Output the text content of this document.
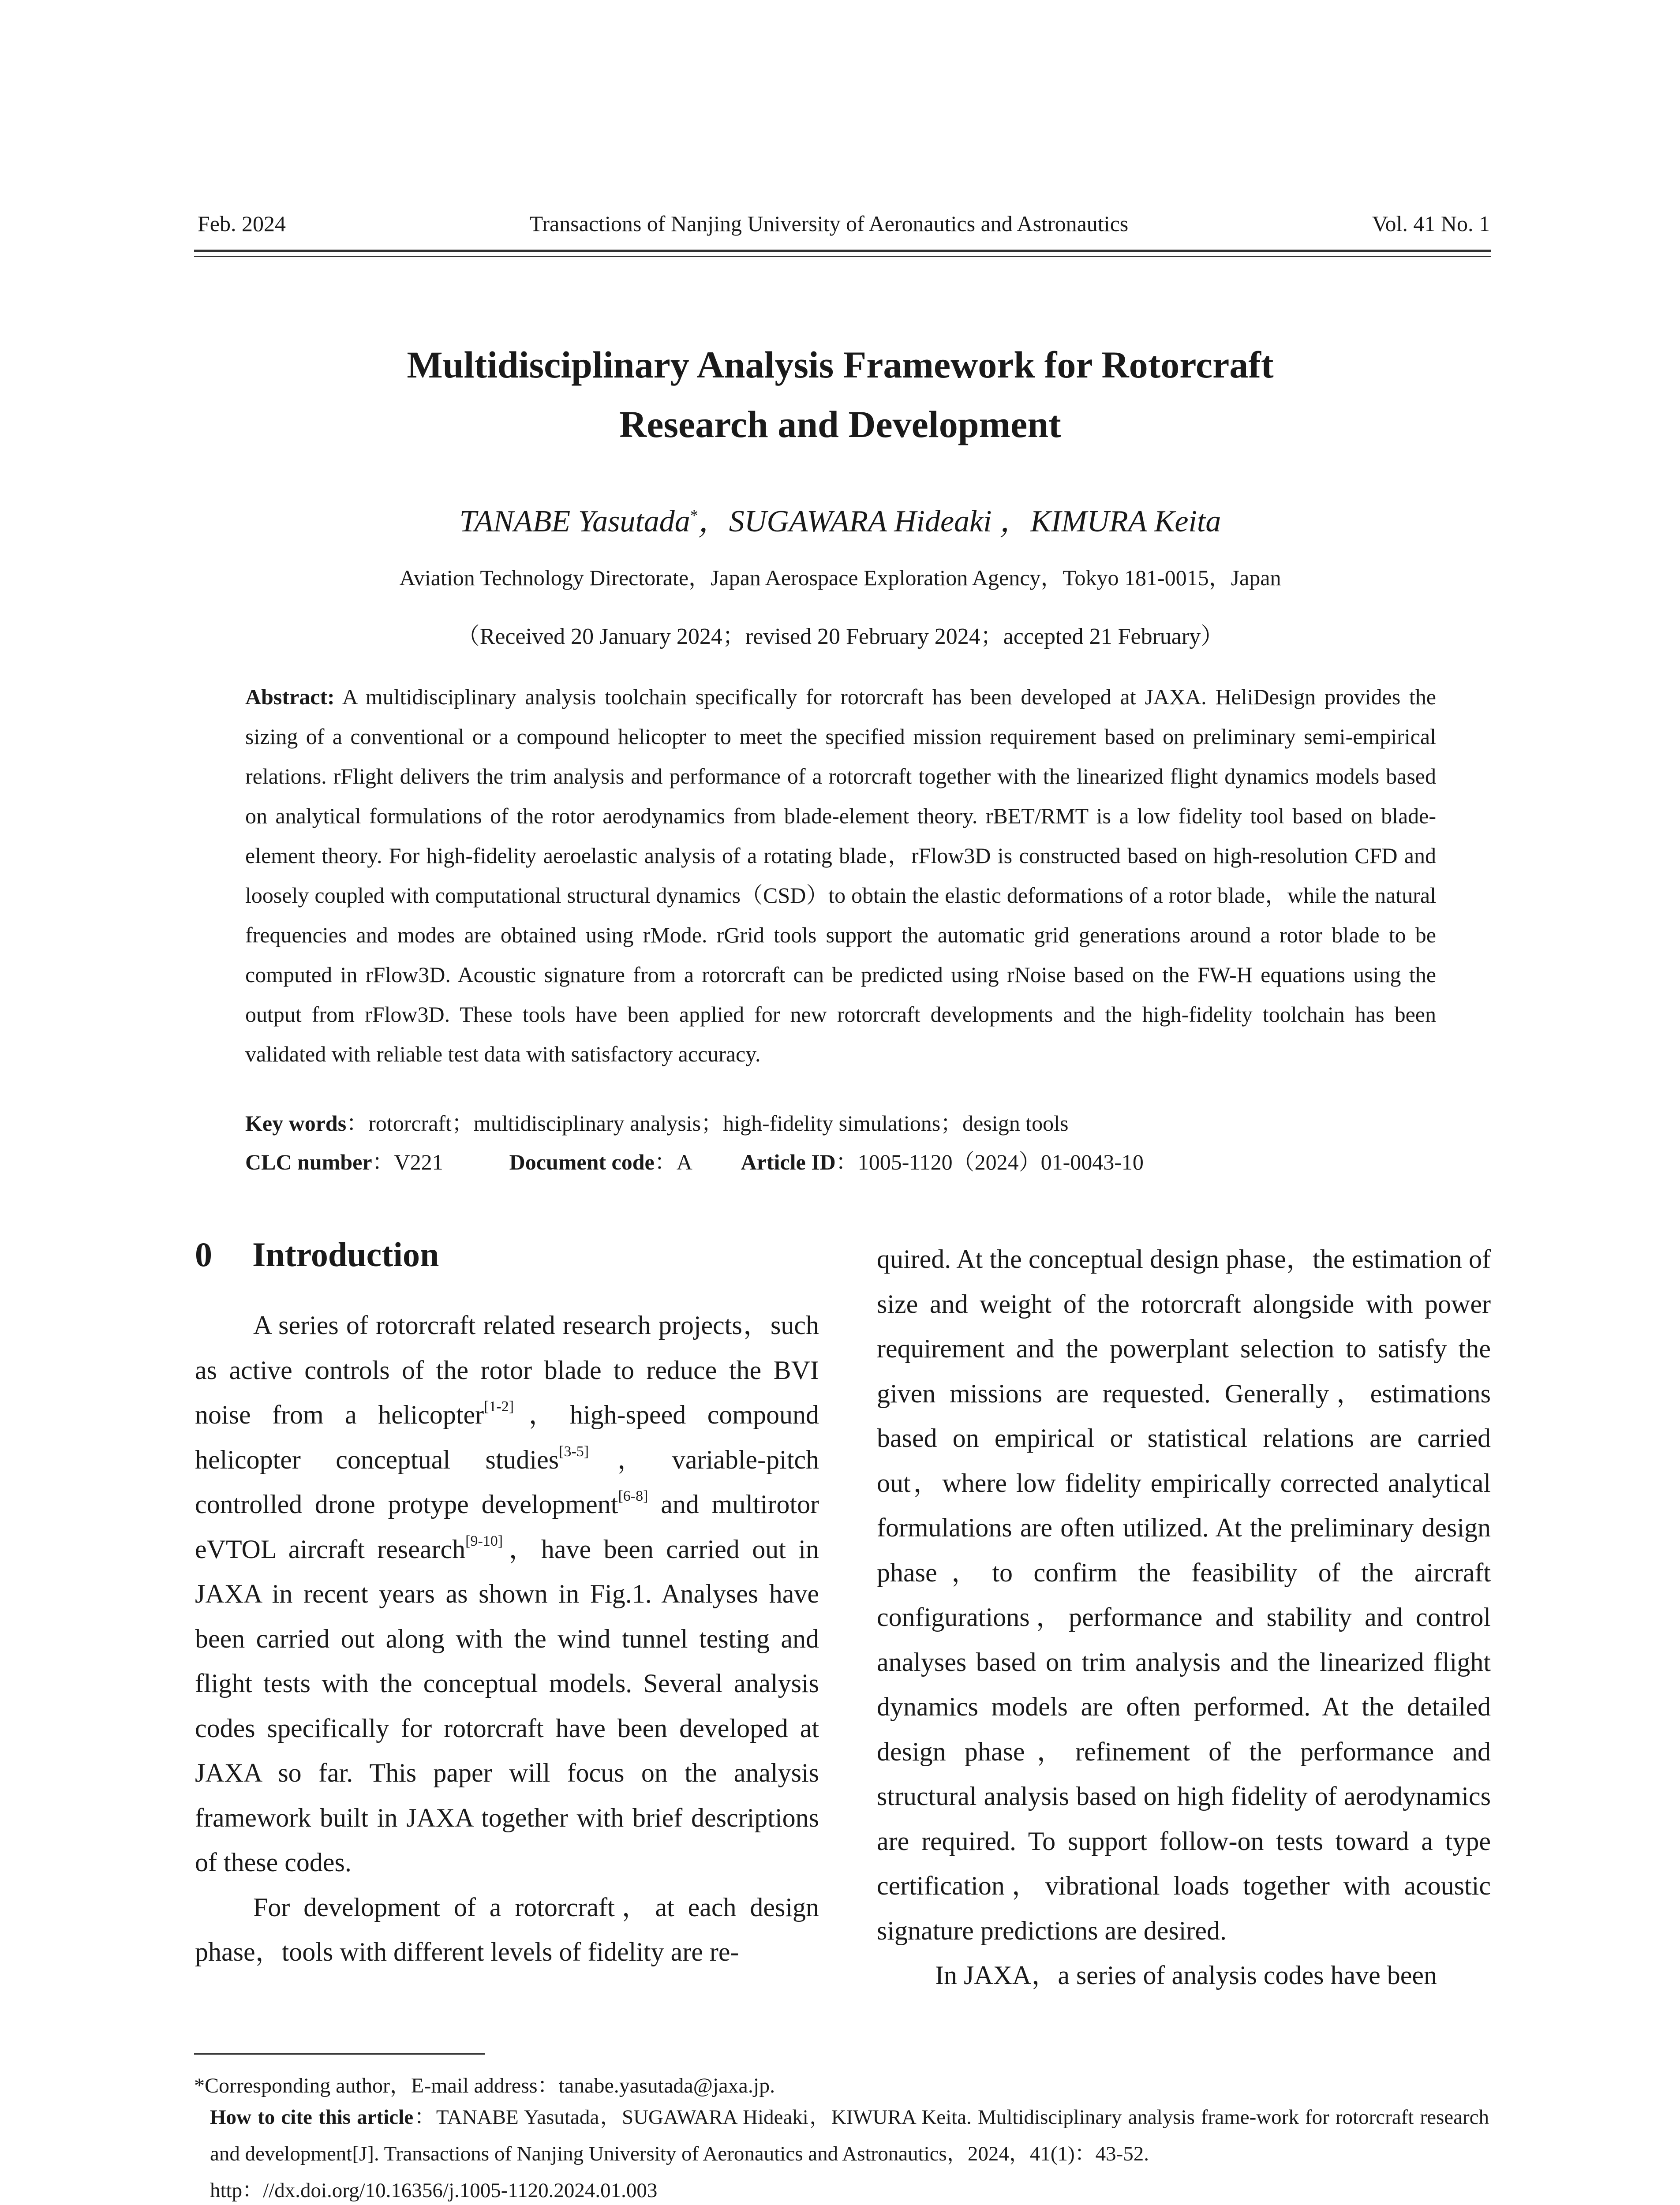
Feb. 2024	Transactions of Nanjing University of Aeronautics and Astronautics	Vol. 41 No. 1
Multidisciplinary Analysis Framework for Rotorcraft
Research and Development
TANABE Yasutada*，SUGAWARA Hideaki ，KIMURA Keita
Aviation Technology Directorate，Japan Aerospace Exploration Agency，Tokyo 181-0015，Japan
（Received 20 January 2024；revised 20 February 2024；accepted 21 February）
Abstract: A multidisciplinary analysis toolchain specifically for rotorcraft has been developed at JAXA. HeliDesign provides the sizing of a conventional or a compound helicopter to meet the specified mission requirement based on preliminary semi-empirical relations. rFlight delivers the trim analysis and performance of a rotorcraft together with the linearized flight dynamics models based on analytical formulations of the rotor aerodynamics from blade-element theory. rBET/RMT is a low fidelity tool based on blade-element theory. For high-fidelity aeroelastic analysis of a rotating blade，rFlow3D is constructed based on high-resolution CFD and loosely coupled with computational structural dynamics（CSD）to obtain the elastic deformations of a rotor blade，while the natural frequencies and modes are obtained using rMode. rGrid tools support the automatic grid generations around a rotor blade to be computed in rFlow3D. Acoustic signature from a rotorcraft can be predicted using rNoise based on the FW-H equations using the output from rFlow3D. These tools have been applied for new rotorcraft developments and the high-fidelity toolchain has been validated with reliable test data with satisfactory accuracy.
Key words：rotorcraft；multidisciplinary analysis；high-fidelity simulations；design tools
CLC number：V221	Document code：A Article ID：1005-1120（2024）01-0043-10
0 Introduction

A series of rotorcraft related research projects，such as active controls of the rotor blade to reduce the BVI noise from a helicopter[1-2]，high-speed compound helicopter conceptual studies[3-5]，variable-pitch controlled drone protype development[6-8] and multirotor eVTOL aircraft research[9-10]，have been carried out in JAXA in recent years as shown in Fig.1. Analyses have been carried out along with the wind tunnel testing and flight tests with the conceptual models. Several analysis codes specifically for rotorcraft have been developed at JAXA so far. This paper will focus on the analysis framework built in JAXA together with brief descriptions of these codes.

For development of a rotorcraft，at each design phase，tools with different levels of fidelity are re-

quired. At the conceptual design phase，the estimation of size and weight of the rotorcraft alongside with power requirement and the powerplant selection to satisfy the given missions are requested. Generally，estimations based on empirical or statistical relations are carried out，where low fidelity empirically corrected analytical formulations are often utilized. At the preliminary design phase，to confirm the feasibility of the aircraft configurations，performance and stability and control analyses based on trim analysis and the linearized flight dynamics models are often performed. At the detailed design phase，refinement of the performance and structural analysis based on high fidelity of aerodynamics are required. To support follow-on tests toward a type certification，vibrational loads together with acoustic signature predictions are desired.

In JAXA，a series of analysis codes have been

*Corresponding author，E-mail address：tanabe.yasutada@jaxa.jp.
How to cite this article：TANABE Yasutada，SUGAWARA Hideaki，KIWURA Keita. Multidisciplinary analysis frame-work for rotorcraft research and development[J]. Transactions of Nanjing University of Aeronautics and Astronautics，2024，41(1)：43-52.
http：//dx.doi.org/10.16356/j.1005-1120.2024.01.003
